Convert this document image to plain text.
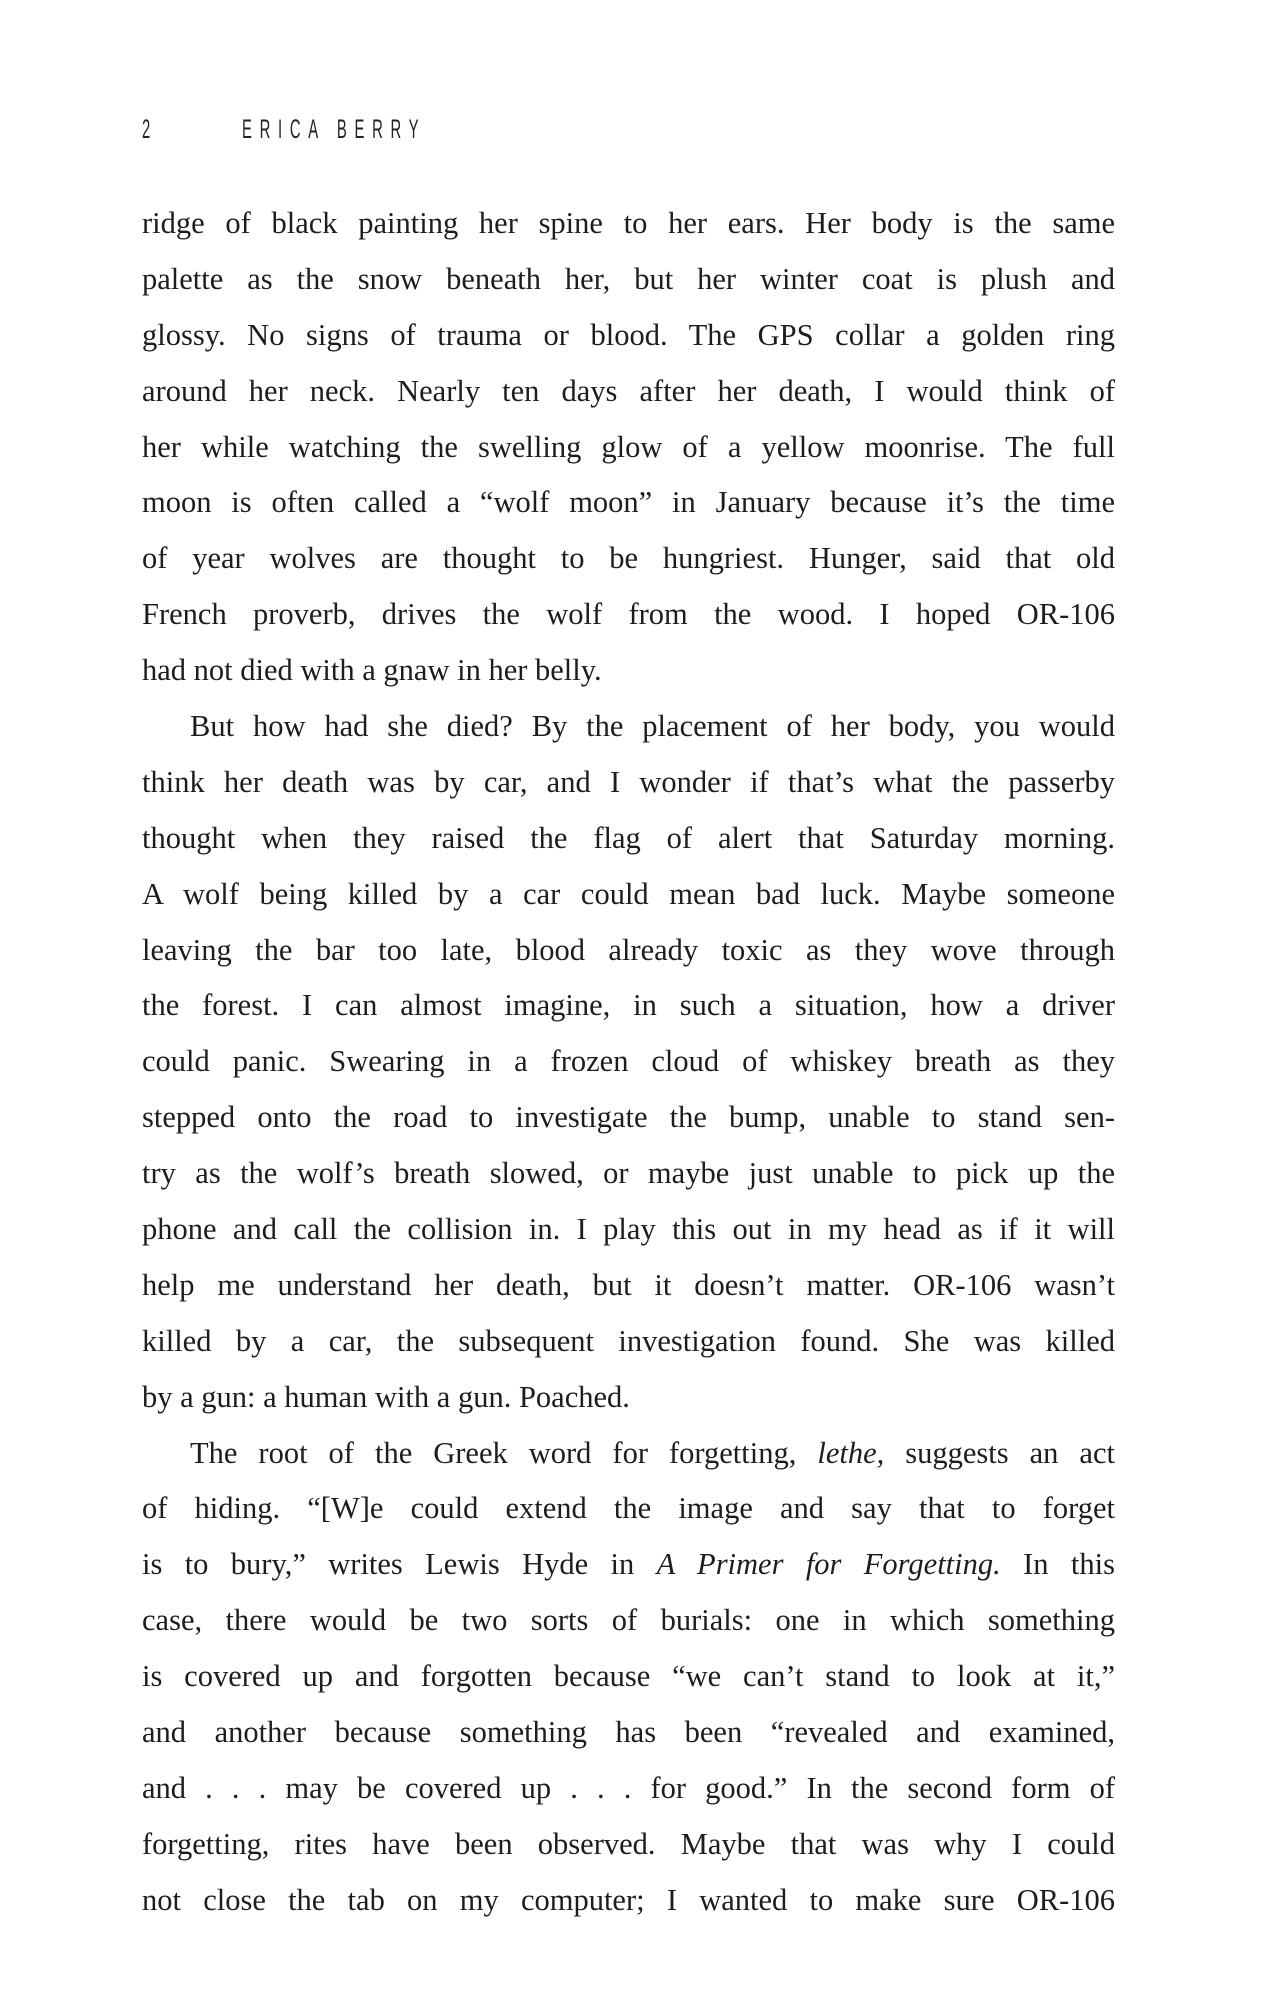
2	ERICA BERRY
ridge of black painting her spine to her ears. Her body is the same
palette as the snow beneath her, but her winter coat is plush and
glossy. No signs of trauma or blood. The GPS collar a golden ring
around her neck. Nearly ten days after her death, I would think of
her while watching the swelling glow of a yellow moonrise. The full
moon is often called a “wolf moon” in January because it’s the time
of year wolves are thought to be hungriest. Hunger, said that old
French proverb, drives the wolf from the wood. I hoped OR-106
had not died with a gnaw in her belly.
But how had she died? By the placement of her body, you would
think her death was by car, and I wonder if that’s what the passerby
thought when they raised the flag of alert that Saturday morning.
A wolf being killed by a car could mean bad luck. Maybe someone
leaving the bar too late, blood already toxic as they wove through
the forest. I can almost imagine, in such a situation, how a driver
could panic. Swearing in a frozen cloud of whiskey breath as they
stepped onto the road to investigate the bump, unable to stand sen-
try as the wolf’s breath slowed, or maybe just unable to pick up the
phone and call the collision in. I play this out in my head as if it will
help me understand her death, but it doesn’t matter. OR-106 wasn’t
killed by a car, the subsequent investigation found. She was killed
by a gun: a human with a gun. Poached.
The root of the Greek word for forgetting, lethe, suggests an act
of hiding. “[W]e could extend the image and say that to forget
is to bury,” writes Lewis Hyde in A Primer for Forgetting. In this
case, there would be two sorts of burials: one in which something
is covered up and forgotten because “we can’t stand to look at it,”
and another because something has been “revealed and examined,
and . . . may be covered up . . . for good.” In the second form of
forgetting, rites have been observed. Maybe that was why I could
not close the tab on my computer; I wanted to make sure OR-106
